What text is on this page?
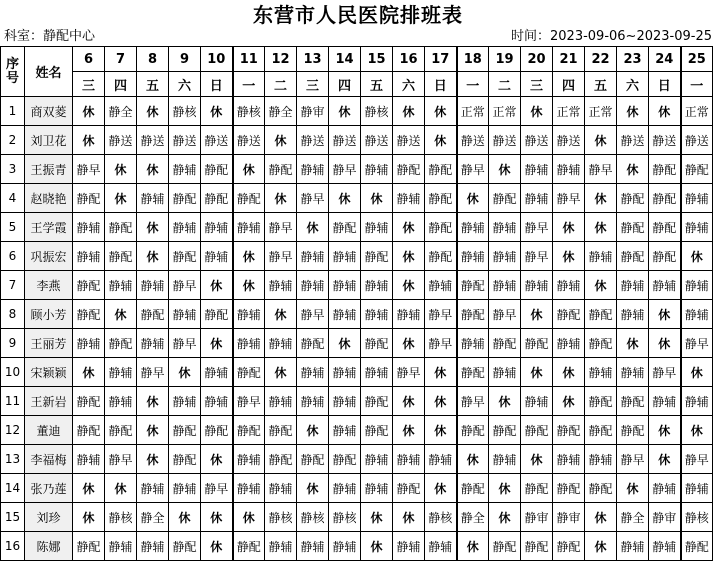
东营市人民医院排班表
科室：静配中心	时间：2023-09-06~2023-09-25
序号	姓名	6	7	8	9	10	11	12	13	14	15	16	17	18	19	20	21	22	23	24	25
		三	四	五	六	日	一	二	三	四	五	六	日	一	二	三	四	五	六	日	一
1	商双菱	休	静全	休	静核	休	静核	静全	静审	休	静核	休	休	正常	正常	休	正常	正常	休	休	正常
2	刘卫花	休	静送	静送	静送	静送	静送	休	静送	静送	静送	静送	休	静送	静送	静送	静送	休	静送	静送	静送
3	王振青	静早	休	休	静辅	静配	休	静配	静辅	静早	静辅	静配	静配	静早	休	静辅	静辅	静早	休	静配	静配
4	赵晓艳	静配	休	静辅	静配	静配	静配	休	静早	休	休	静辅	静配	休	静配	静辅	静早	休	静配	静配	静辅
5	王学霞	静辅	静配	休	静辅	静辅	静辅	静早	休	静配	静辅	休	静配	静辅	静辅	静早	休	休	静配	静配	静辅
6	巩振宏	静辅	静配	休	静配	静辅	休	静早	静辅	静辅	静配	休	静配	静辅	静辅	静早	休	静辅	静配	静配	休
7	李燕	静配	静辅	静辅	静早	休	休	静辅	静辅	静辅	静辅	休	静辅	静配	静辅	静辅	静辅	休	静辅	静辅	静辅
8	顾小芳	静配	休	静配	静辅	静配	静辅	休	静早	静辅	静辅	静辅	静早	静配	静早	休	静配	静配	静辅	休	静辅
9	王丽芳	静辅	静配	静辅	静早	休	静辅	静辅	静配	休	静配	休	静早	静辅	静配	静配	静辅	静配	休	休	静早
10	宋颖颖	休	静辅	静早	休	静辅	静配	休	静辅	静辅	静辅	静早	休	静配	静辅	休	休	静辅	静辅	静早	休
11	王新岩	静配	静辅	休	静辅	静辅	静早	静辅	静辅	静辅	静配	休	休	静早	休	静辅	休	静配	静配	静辅	静辅
12	董迪	静配	静配	休	静配	静配	静配	静配	休	静辅	静配	休	休	静配	静配	静配	静配	静配	静配	休	休
13	李福梅	静辅	静早	休	静配	休	静辅	静配	静配	静配	静辅	静辅	静辅	休	静辅	休	静辅	静辅	静早	休	静早
14	张乃莲	休	休	静辅	静辅	静早	静辅	静辅	休	静辅	静辅	静配	休	静配	休	静配	静配	静配	休	静辅	静辅
15	刘珍	休	静核	静全	休	休	休	静核	静核	静核	休	休	静核	静全	休	静审	静审	休	静全	静审	静核
16	陈娜	静配	静辅	静辅	静配	休	静配	静辅	静辅	静辅	休	静辅	静辅	休	静配	静配	静配	休	静辅	静辅	静配
